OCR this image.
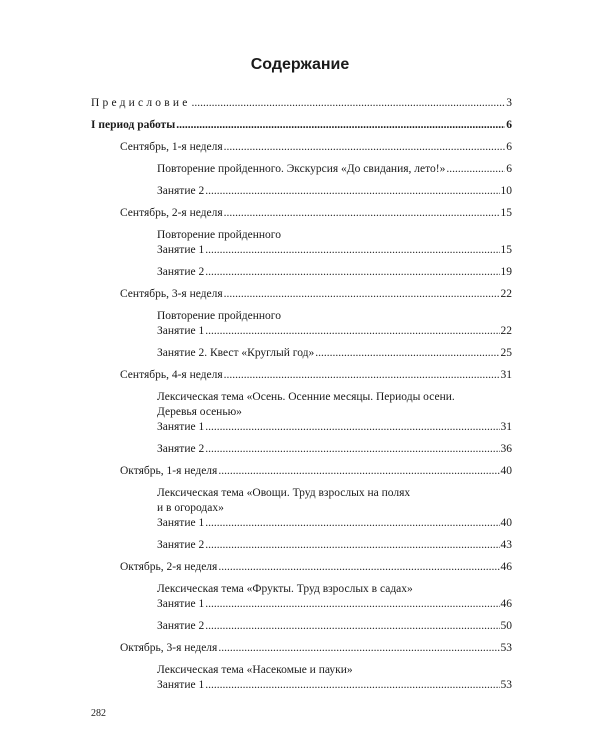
Содержание
Предисловие .....	3
I период работы .....	6
Сентябрь, 1-я неделя .....	6
Повторение пройденного. Экскурсия «До свидания, лето!» .....	6
Занятие 2 .....	10
Сентябрь, 2-я неделя .....	15
Повторение пройденного
Занятие 1 .....	15
Занятие 2 .....	19
Сентябрь, 3-я неделя .....	22
Повторение пройденного
Занятие 1 .....	22
Занятие 2. Квест «Круглый год» .....	25
Сентябрь, 4-я неделя .....	31
Лексическая тема «Осень. Осенние месяцы. Периоды осени.
Деревья осенью»
Занятие 1 .....	31
Занятие 2 .....	36
Октябрь, 1-я неделя .....	40
Лексическая тема «Овощи. Труд взрослых на полях
и в огородах»
Занятие 1 .....	40
Занятие 2 .....	43
Октябрь, 2-я неделя .....	46
Лексическая тема «Фрукты. Труд взрослых в садах»
Занятие 1 .....	46
Занятие 2 .....	50
Октябрь, 3-я неделя .....	53
Лексическая тема «Насекомые и пауки»
Занятие 1 .....	53
282
